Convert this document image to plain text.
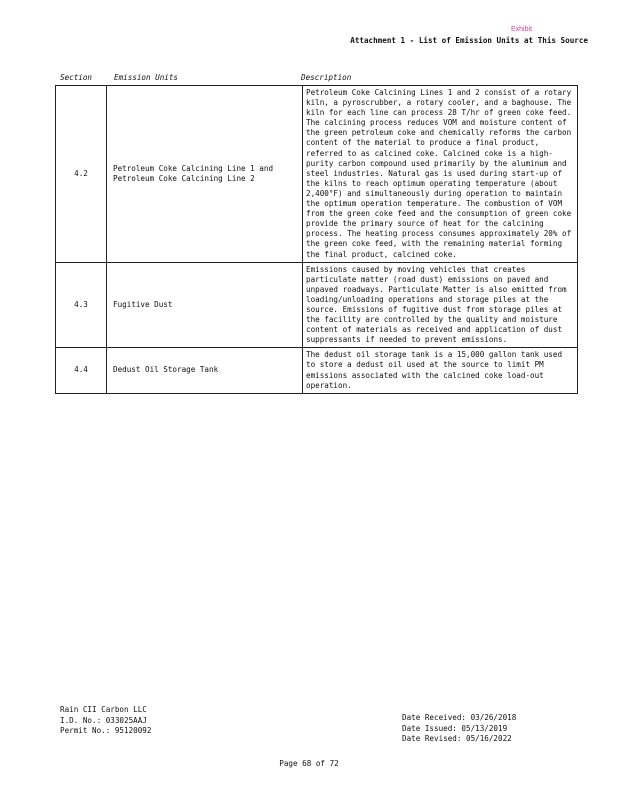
Exhibit
Attachment 1 - List of Emission Units at This Source
Section	Emission Units	Description
4.2	Petroleum Coke Calcining Line 1 and Petroleum Coke Calcining Line 2	Petroleum Coke Calcining Lines 1 and 2 consist of a rotary kiln, a pyroscrubber, a rotary cooler, and a baghouse. The kiln for each line can process 28 T/hr of green coke feed. The calcining process reduces VOM and moisture content of the green petroleum coke and chemically reforms the carbon content of the material to produce a final product, referred to as calcined coke. Calcined coke is a high-purity carbon compound used primarily by the aluminum and steel industries. Natural gas is used during start-up of the kilns to reach optimum operating temperature (about 2,400°F) and simultaneously during operation to maintain the optimum operation temperature. The combustion of VOM from the green coke feed and the consumption of green coke provide the primary source of heat for the calcining process. The heating process consumes approximately 20% of the green coke feed, with the remaining material forming the final product, calcined coke.
4.3	Fugitive Dust	Emissions caused by moving vehicles that creates particulate matter (road dust) emissions on paved and unpaved roadways. Particulate Matter is also emitted from loading/unloading operations and storage piles at the source. Emissions of fugitive dust from storage piles at the facility are controlled by the quality and moisture content of materials as received and application of dust suppressants if needed to prevent emissions.
4.4	Dedust Oil Storage Tank	The dedust oil storage tank is a 15,000 gallon tank used to store a dedust oil used at the source to limit PM emissions associated with the calcined coke load-out operation.
Rain CII Carbon LLC
I.D. No.: 033025AAJ
Permit No.: 95120092
Date Received: 03/26/2018
Date Issued: 05/13/2019
Date Revised: 05/16/2022
Page 68 of 72
